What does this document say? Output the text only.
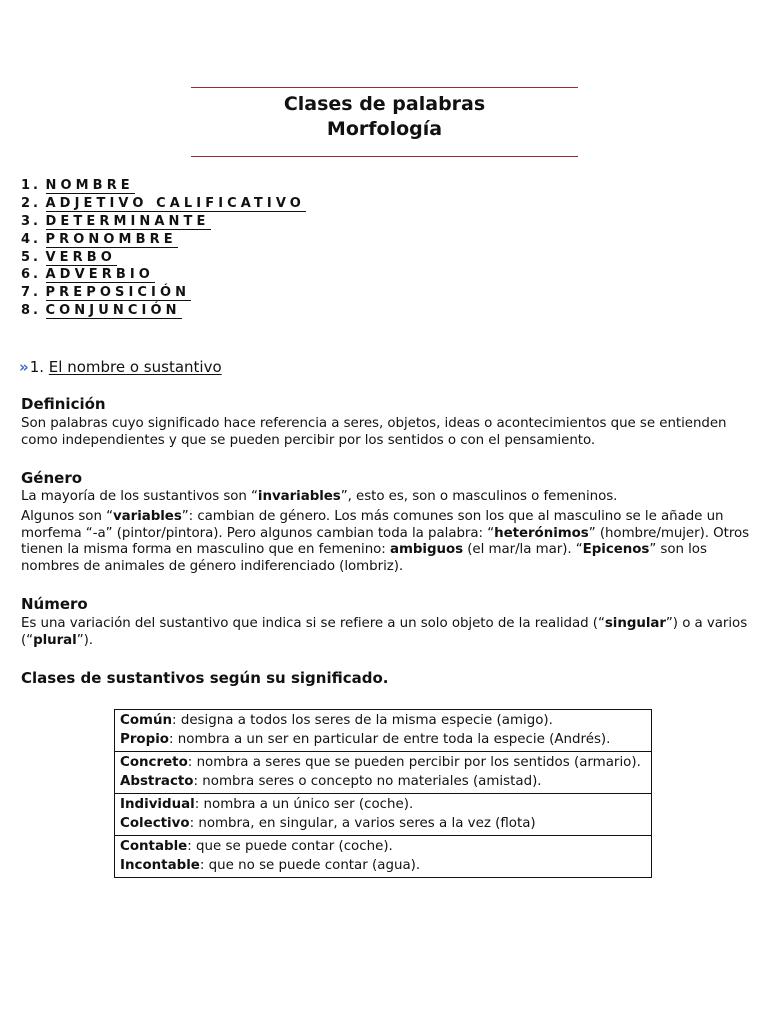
Clases de palabras
Morfología
1. NOMBRE
2. ADJETIVO CALIFICATIVO
3. DETERMINANTE
4. PRONOMBRE
5. VERBO
6. ADVERBIO
7. PREPOSICIÓN
8. CONJUNCIÓN
» 1. El nombre o sustantivo
Definición
Son palabras cuyo significado hace referencia a seres, objetos, ideas o acontecimientos que se entienden como independientes y que se pueden percibir por los sentidos o con el pensamiento.
Género
La mayoría de los sustantivos son “invariables”, esto es, son o masculinos o femeninos.
Algunos son “variables”: cambian de género. Los más comunes son los que al masculino se le añade un morfema “-a” (pintor/pintora). Pero algunos cambian toda la palabra: “heterónimos” (hombre/mujer). Otros tienen la misma forma en masculino que en femenino: ambiguos (el mar/la mar). “Epicenos” son los nombres de animales de género indiferenciado (lombriz).
Número
Es una variación del sustantivo que indica si se refiere a un solo objeto de la realidad (“singular”) o a varios (“plural”).
Clases de sustantivos según su significado.
Común: designa a todos los seres de la misma especie (amigo).
Propio: nombra a un ser en particular de entre toda la especie (Andrés).
Concreto: nombra a seres que se pueden percibir por los sentidos (armario).
Abstracto: nombra seres o concepto no materiales (amistad).
Individual: nombra a un único ser (coche).
Colectivo: nombra, en singular, a varios seres a la vez (flota)
Contable: que se puede contar (coche).
Incontable: que no se puede contar (agua).
